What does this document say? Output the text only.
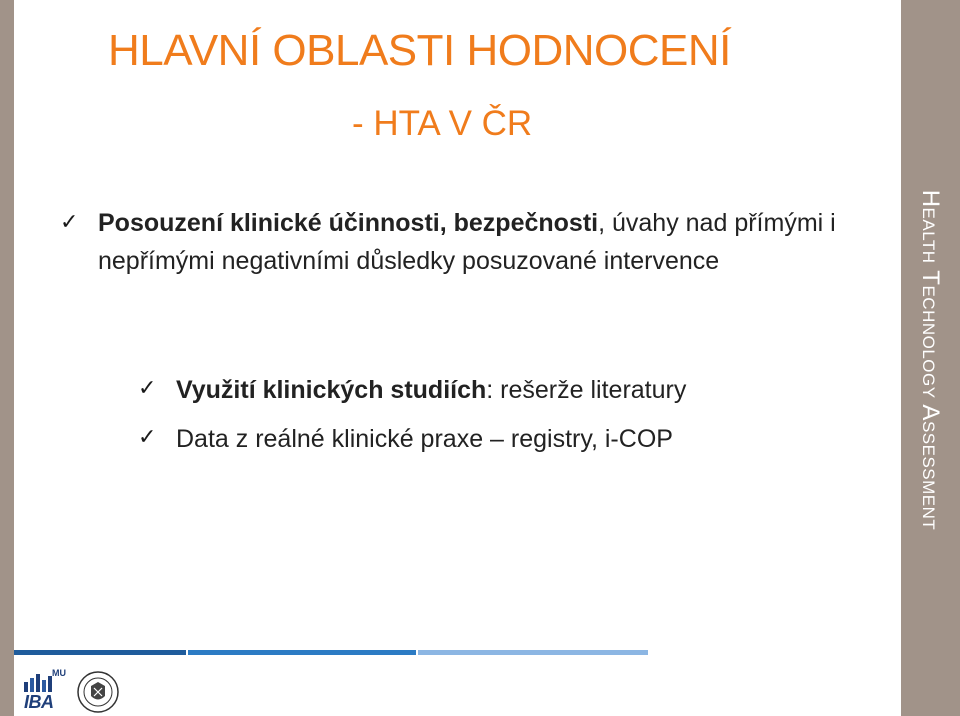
Health Technology Assessment
HLAVNÍ OBLASTI HODNOCENÍ
- HTA V ČR
✓ Posouzení klinické účinnosti, bezpečnosti, úvahy nad přímými i nepřímými negativními důsledky posuzované intervence
✓ Využití klinických studiích: rešerže literatury
✓ Data z reálné klinické praxe – registry, i-COP
MU
IBA
